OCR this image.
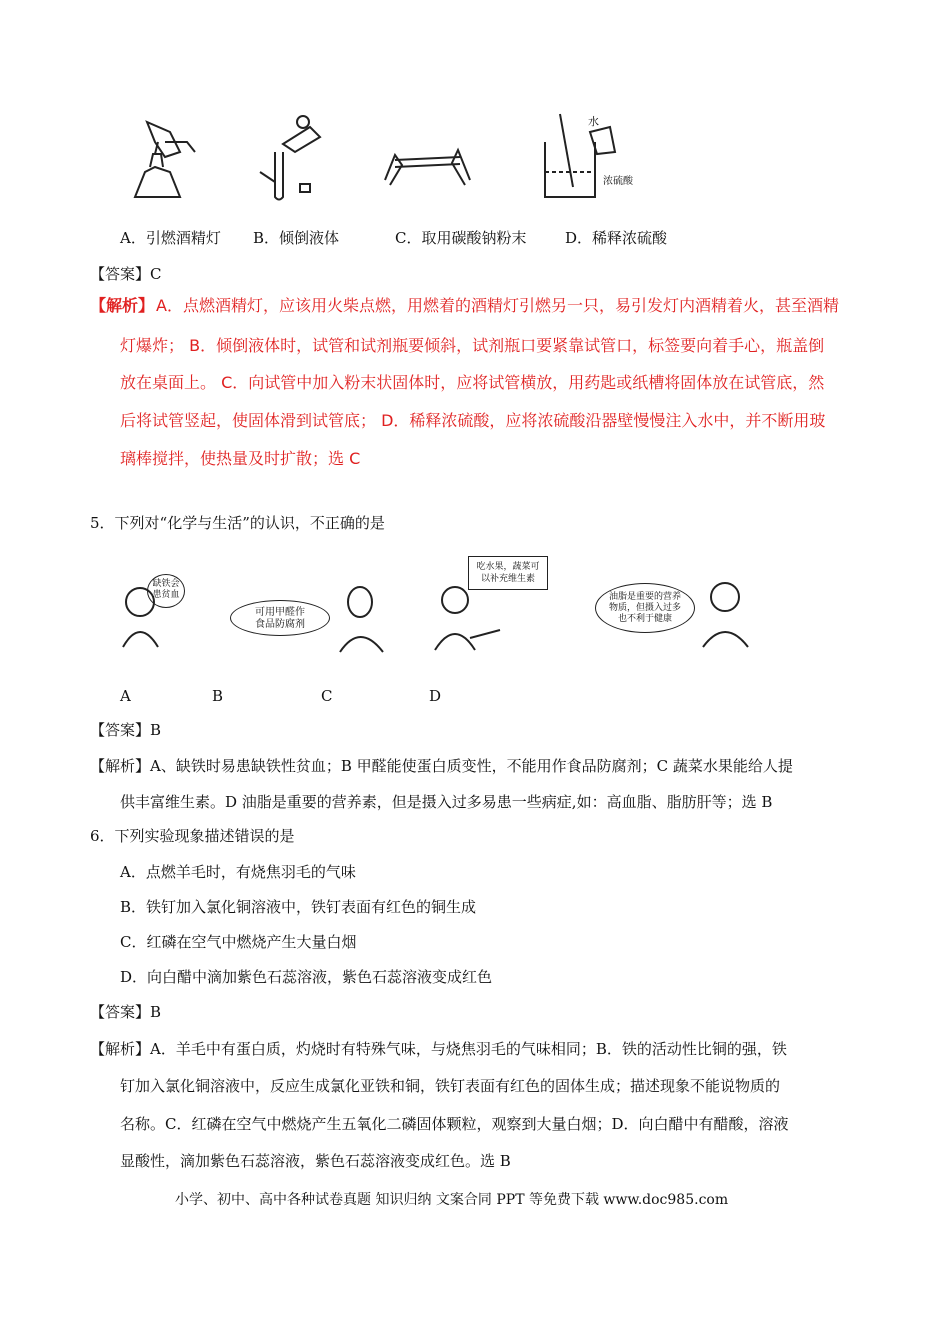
水
浓硫酸
A．引燃酒精灯 B．倾倒液体	C．取用碳酸钠粉末	D．稀释浓硫酸
【答案】C
【解析】 A．点燃酒精灯，应该用火柴点燃，用燃着的酒精灯引燃另一只，易引发灯内酒精着火，甚至酒精
灯爆炸； B．倾倒液体时，试管和试剂瓶要倾斜，试剂瓶口要紧靠试管口，标签要向着手心，瓶盖倒
放在桌面上。 C．向试管中加入粉末状固体时，应将试管横放，用药匙或纸槽将固体放在试管底，然
后将试管竖起，使固体滑到试管底； D．稀释浓硫酸，应将浓硫酸沿器壁慢慢注入水中，并不断用玻
璃棒搅拌，使热量及时扩散；选 C
5．下列对“化学与生活”的认识，不正确的是
缺铁会
患贫血
可用甲醛作
食品防腐剂
吃水果，蔬菜可
以补充维生素
油脂是重要的营养
物质，但摄入过多
也不利于健康
A	B	C	D
【答案】B
【解析】A、缺铁时易患缺铁性贫血；B 甲醛能使蛋白质变性，不能用作食品防腐剂；C 蔬菜水果能给人提
供丰富维生素。D 油脂是重要的营养素，但是摄入过多易患一些病症,如：高血脂、脂肪肝等；选 B
6．下列实验现象描述错误的是
A．点燃羊毛时，有烧焦羽毛的气味
B．铁钉加入氯化铜溶液中，铁钉表面有红色的铜生成
C．红磷在空气中燃烧产生大量白烟
D．向白醋中滴加紫色石蕊溶液，紫色石蕊溶液变成红色
【答案】B
【解析】A．羊毛中有蛋白质，灼烧时有特殊气味，与烧焦羽毛的气味相同；B．铁的活动性比铜的强，铁
钉加入氯化铜溶液中，反应生成氯化亚铁和铜，铁钉表面有红色的固体生成；描述现象不能说物质的
名称。C．红磷在空气中燃烧产生五氧化二磷固体颗粒，观察到大量白烟；D．向白醋中有醋酸，溶液
显酸性，滴加紫色石蕊溶液，紫色石蕊溶液变成红色。选 B
小学、初中、高中各种试卷真题 知识归纳 文案合同 PPT 等免费下载 www.doc985.com
